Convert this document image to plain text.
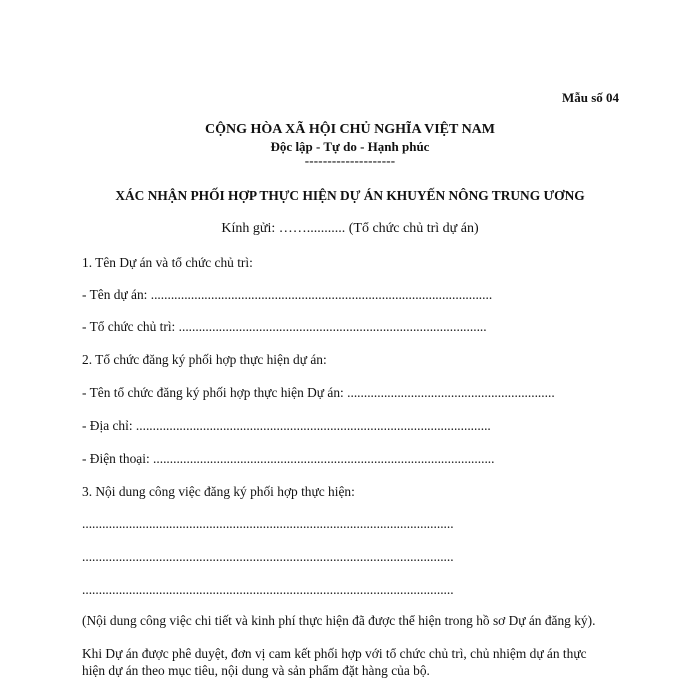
Mẫu số 04
CỘNG HÒA XÃ HỘI CHỦ NGHĨA VIỆT NAM
Độc lập - Tự do - Hạnh phúc
--------------------
XÁC NHẬN PHỐI HỢP THỰC HIỆN DỰ ÁN KHUYẾN NÔNG TRUNG ƯƠNG
Kính gửi: ……........... (Tổ chức chủ trì dự án)
1. Tên Dự án và tổ chức chủ trì:
- Tên dự án: ......................................................................................................
- Tổ chức chủ trì: ............................................................................................
2. Tổ chức đăng ký phối hợp thực hiện dự án:
- Tên tổ chức đăng ký phối hợp thực hiện Dự án: ..............................................................
- Địa chỉ: ..........................................................................................................
- Điện thoại: ......................................................................................................
3. Nội dung công việc đăng ký phối hợp thực hiện:
...............................................................................................................
...............................................................................................................
...............................................................................................................
(Nội dung công việc chi tiết và kinh phí thực hiện đã được thể hiện trong hồ sơ Dự án đăng ký).
Khi Dự án được phê duyệt, đơn vị cam kết phối hợp với tổ chức chủ trì, chủ nhiệm dự án thực
hiện dự án theo mục tiêu, nội dung và sản phẩm đặt hàng của bộ.
